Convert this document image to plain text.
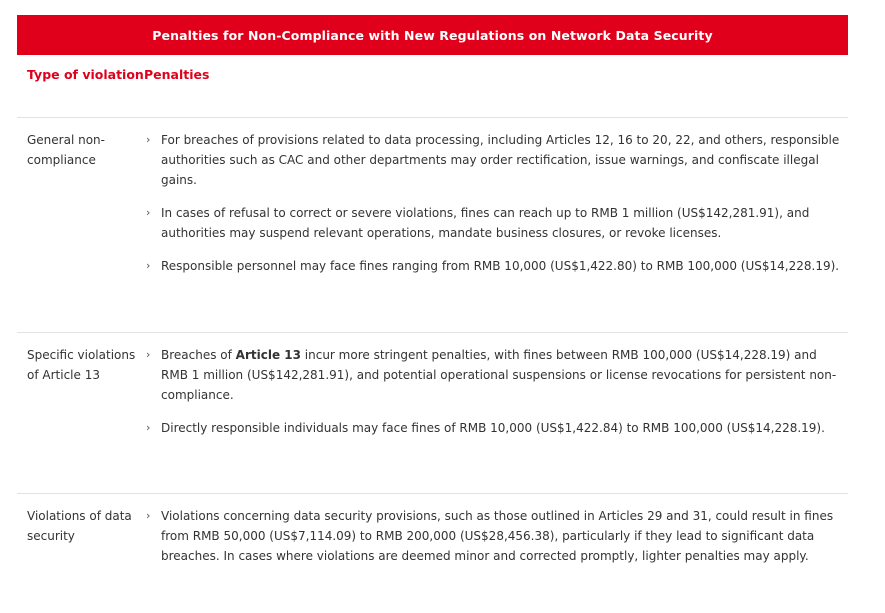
Penalties for Non-Compliance with New Regulations on Network Data Security
Type of violation Penalties
General non-compliance
› For breaches of provisions related to data processing, including Articles 12, 16 to 20, 22, and others, responsible authorities such as CAC and other departments may order rectification, issue warnings, and confiscate illegal gains.
› In cases of refusal to correct or severe violations, fines can reach up to RMB 1 million (US$142,281.91), and authorities may suspend relevant operations, mandate business closures, or revoke licenses.
› Responsible personnel may face fines ranging from RMB 10,000 (US$1,422.80) to RMB 100,000 (US$14,228.19).
Specific violations of Article 13
› Breaches of Article 13 incur more stringent penalties, with fines between RMB 100,000 (US$14,228.19) and RMB 1 million (US$142,281.91), and potential operational suspensions or license revocations for persistent non-compliance.
› Directly responsible individuals may face fines of RMB 10,000 (US$1,422.84) to RMB 100,000 (US$14,228.19).
Violations of data security
› Violations concerning data security provisions, such as those outlined in Articles 29 and 31, could result in fines from RMB 50,000 (US$7,114.09) to RMB 200,000 (US$28,456.38), particularly if they lead to significant data breaches. In cases where violations are deemed minor and corrected promptly, lighter penalties may apply.
